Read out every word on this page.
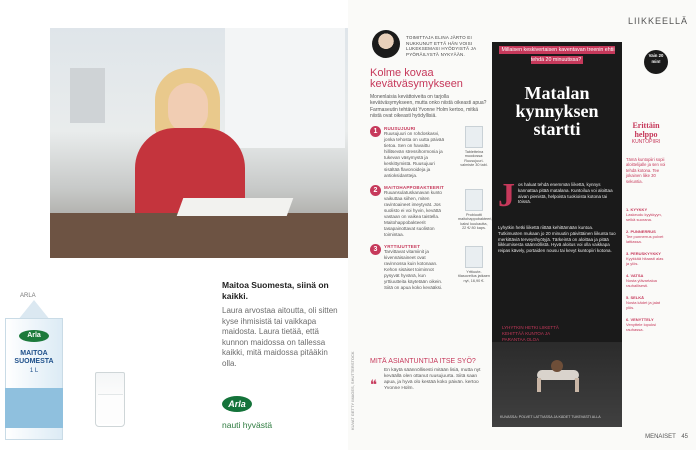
ARLA
Arla
MAITOA SUOMESTA
1 L
Maitoa Suomesta, siinä on kaikki.
Laura arvostaa aitoutta, oli sitten kyse ihmisistä tai vaikkapa maidosta. Laura tietää, että kunnon maidossa on tallessa kaikki, mitä maidossa pitääkin olla.
Arla
nauti hyvästä
LIIKKEELLÄ
MENAISET 45
KUVAT GETTY IMAGES, SHUTTERSTOCK
TOIMITTAJA ELINA JÄRTO EI NUKKUNUT ETTÄ HÄN VOISI LUKEKSEMASI HYÖDYISTÄ JA PYÖRÄILYSTÄ NYKYÄÄN.
Kolme kovaa kevätväsymykseen
Monenlaisia kevättoiveita on tarjolla kevätväsymykseen, mutta onko niistä oikeasti apua? Farmaseutin tehtävät Yvonne Holm kertoo, mitkä niistä ovat oikeasti hyödyllisiä.
1	RUUSUJUURI
Ruusujuuri on rohdoskasvi, jonka tehosta on uutta päivää tietoa. Sen on havaittu hillitsevän stressihormonia ja tukevan väsymystä ja keskittymistä. Ruusujuuri sisältää flavonoideja ja antioksidantteja.
Tabletteina muodossa: Ruusujuuri-valmiste 30 tabl.
2	MAITOHAPPOBAKTEERIT
Ruuansulatuskanavan kunto vaikuttaa siihen, miten ravintoaineet imeytyvät. Jos suolisto ei voi hyvin, kevättä vastaan on vaikea taistella. Maitohappobakteerit tasapainottavat suoliston toimintaa.
Probiootti maitohappobakteeri, kaksi kuukautta, 22 €/ 80 kaps.
3	YRTTIUUTTEET
Tarvittavat vitamiinit ja kivennäisaineet ovat ravinnossa kuin kotonaan. Kehon sisäiset toiminnot pysyvät hyvänä, kun yrttiuutteita käytetään oikein. Siitä on apua koko kevääksi.
Yrttiuute-tilasovellus jatkaen nyt, 16,90 €.
MITÄ ASIANTUNTIJA ITSE SYÖ?
❝
En käytä säännöllisesti mitään lisiä, mutta nyt keväällä olen ottanut ruusujuurta. Siitä saan apua, ja hyvä olo kestää koko päivän. kertoo Yvonne Holm.
Millaisen keskivertaisen kaventavan treenin ehtii tehdä 20 minuutissa?
Matalan kynnyksen startti
J os haluat tehdä enemmän liikettä, kynnys kannattaa pitää matalana. Kuntoilua voi aloittaa aivan pienistä, helpoista tuokioista kotona tai töissä.
Lyhytkin hetki liikettä riittää kehittämään kuntoa. Tutkimusten mukaan jo 20 minuutin päivittäinen liikunta tuo merkittäviä terveyshyötyjä. Tärkeintä on aloittaa ja pitää liikkumisesta säännöllistä. Hyvä aloitus voi olla vaikkapa reipas kävely, portaiden nousu tai kevyt kuntopiiri kotona.
LYHYTKIN HETKI LIIKETTÄ KEHITTÄÄ KUNTOA JA PARANTAA OLOA
KUVASSA: POLVET LATTIASSA JA KÄDET TUKEVASTI ALLA
Vain 20 min!
Erittäin helppo
KUNTOPIIRI
Tämä kuntopiiri sopii aloittelijalle ja sen voi tehdä kotona. Tee jokainen liike 30 sekuntia.
1. KYYKKY
Laskeudu kyykkyyn, selkä suorana.
2. PUNNERRUS
Tee punnerrus polvet lattiassa.
3. PERUSKYYKKY
Kyykkää hitaasti alas ja ylös.
4. VATSA
Nosta ylävartaloa rauhallisesti.
5. SELKÄ
Nosta kädet ja jalat ylös.
6. VENYTTELY
Venyttele lopuksi rauhassa.
